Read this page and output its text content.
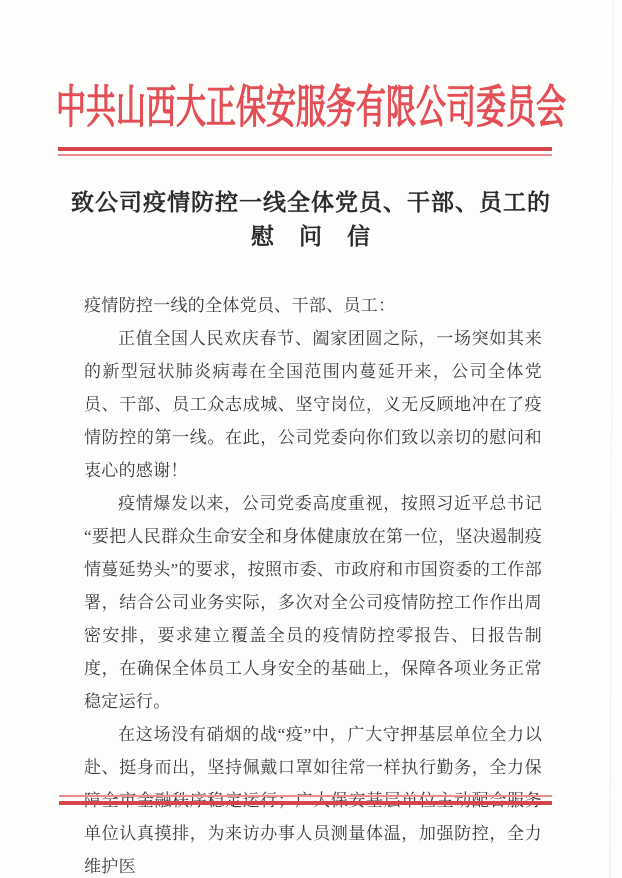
中共山西大正保安服务有限公司委员会
致公司疫情防控一线全体党员、干部、员工的
慰　问　信

疫情防控一线的全体党员、干部、员工：

正值全国人民欢庆春节、阖家团圆之际，一场突如其来的新型冠状肺炎病毒在全国范围内蔓延开来，公司全体党员、干部、员工众志成城、坚守岗位，义无反顾地冲在了疫情防控的第一线。在此，公司党委向你们致以亲切的慰问和衷心的感谢！

疫情爆发以来，公司党委高度重视，按照习近平总书记“要把人民群众生命安全和身体健康放在第一位，坚决遏制疫情蔓延势头”的要求，按照市委、市政府和市国资委的工作部署，结合公司业务实际，多次对全公司疫情防控工作作出周密安排，要求建立覆盖全员的疫情防控零报告、日报告制度，在确保全体员工人身安全的基础上，保障各项业务正常稳定运行。

在这场没有硝烟的战“疫”中，广大守押基层单位全力以赴、挺身而出，坚持佩戴口罩如往常一样执行勤务，全力保障全市金融秩序稳定运行；广大保安基层单位主动配合服务单位认真摸排，为来访办事人员测量体温，加强防控，全力维护医
